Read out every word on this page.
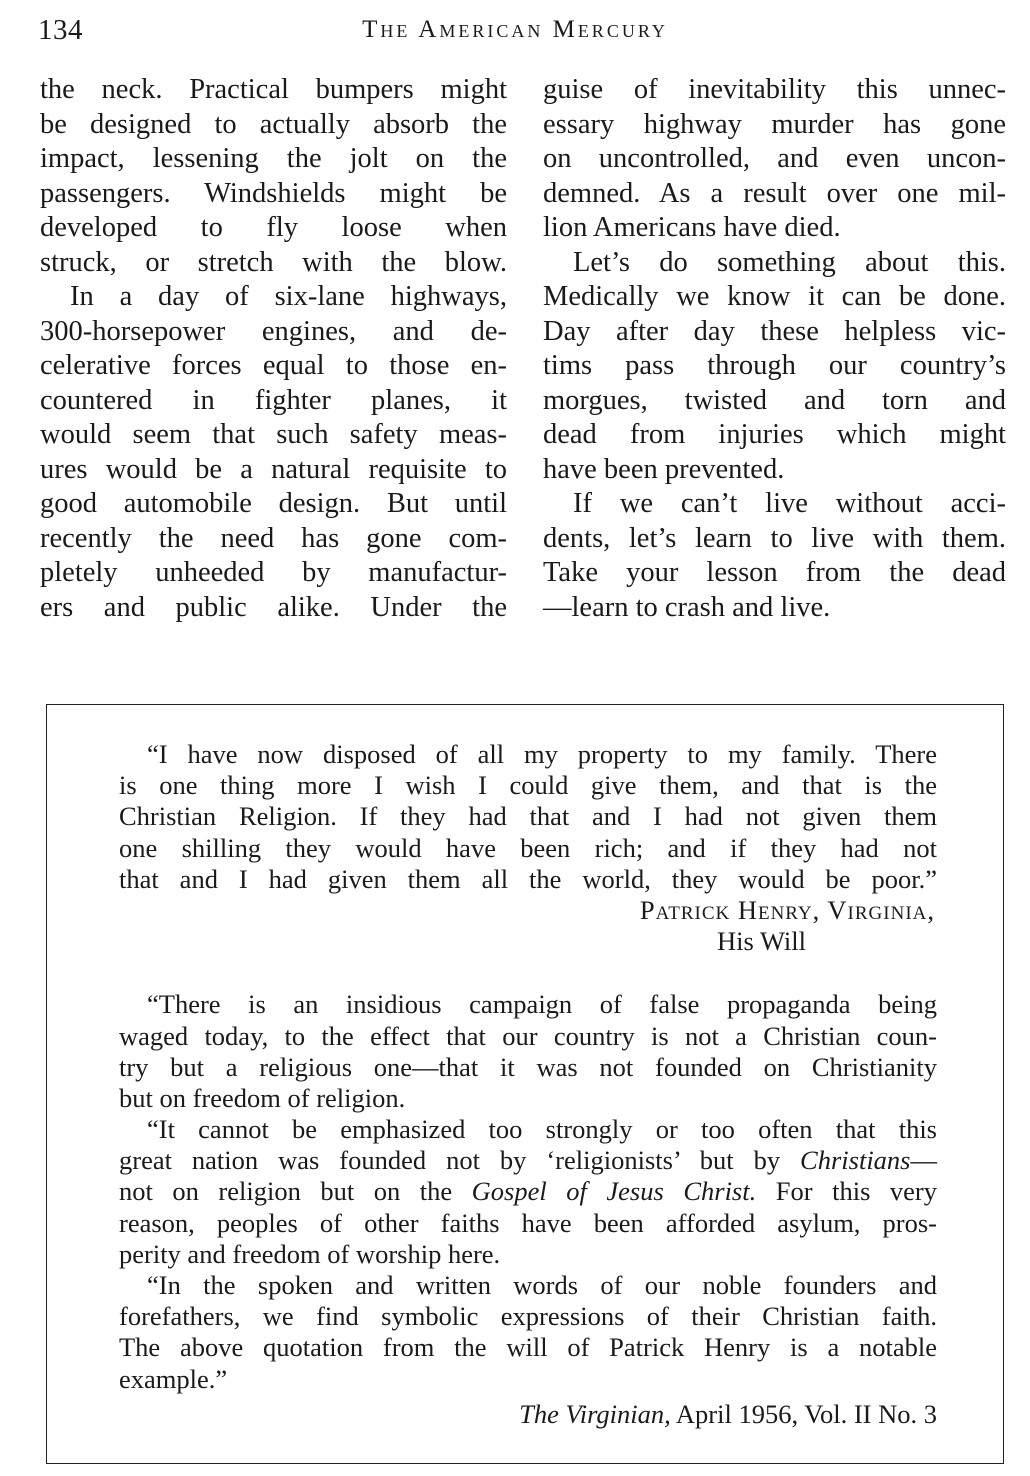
134	The American Mercury
the neck. Practical bumpers might
be designed to actually absorb the
impact, lessening the jolt on the
passengers. Windshields might be
developed to fly loose when
struck, or stretch with the blow.
In a day of six-lane highways,
300-horsepower engines, and de-
celerative forces equal to those en-
countered in fighter planes, it
would seem that such safety meas-
ures would be a natural requisite to
good automobile design. But until
recently the need has gone com-
pletely unheeded by manufactur-
ers and public alike. Under the
guise of inevitability this unnec-
essary highway murder has gone
on uncontrolled, and even uncon-
demned. As a result over one mil-
lion Americans have died.
Let’s do something about this.
Medically we know it can be done.
Day after day these helpless vic-
tims pass through our country’s
morgues, twisted and torn and
dead from injuries which might
have been prevented.
If we can’t live without acci-
dents, let’s learn to live with them.
Take your lesson from the dead
—learn to crash and live.
“I have now disposed of all my property to my family. There
is one thing more I wish I could give them, and that is the
Christian Religion. If they had that and I had not given them
one shilling they would have been rich; and if they had not
that and I had given them all the world, they would be poor.”
Patrick Henry, Virginia,
His Will
“There is an insidious campaign of false propaganda being
waged today, to the effect that our country is not a Christian coun-
try but a religious one—that it was not founded on Christianity
but on freedom of religion.
“It cannot be emphasized too strongly or too often that this
great nation was founded not by ‘religionists’ but by Christians—
not on religion but on the Gospel of Jesus Christ. For this very
reason, peoples of other faiths have been afforded asylum, pros-
perity and freedom of worship here.
“In the spoken and written words of our noble founders and
forefathers, we find symbolic expressions of their Christian faith.
The above quotation from the will of Patrick Henry is a notable
example.”
The Virginian, April 1956, Vol. II No. 3
